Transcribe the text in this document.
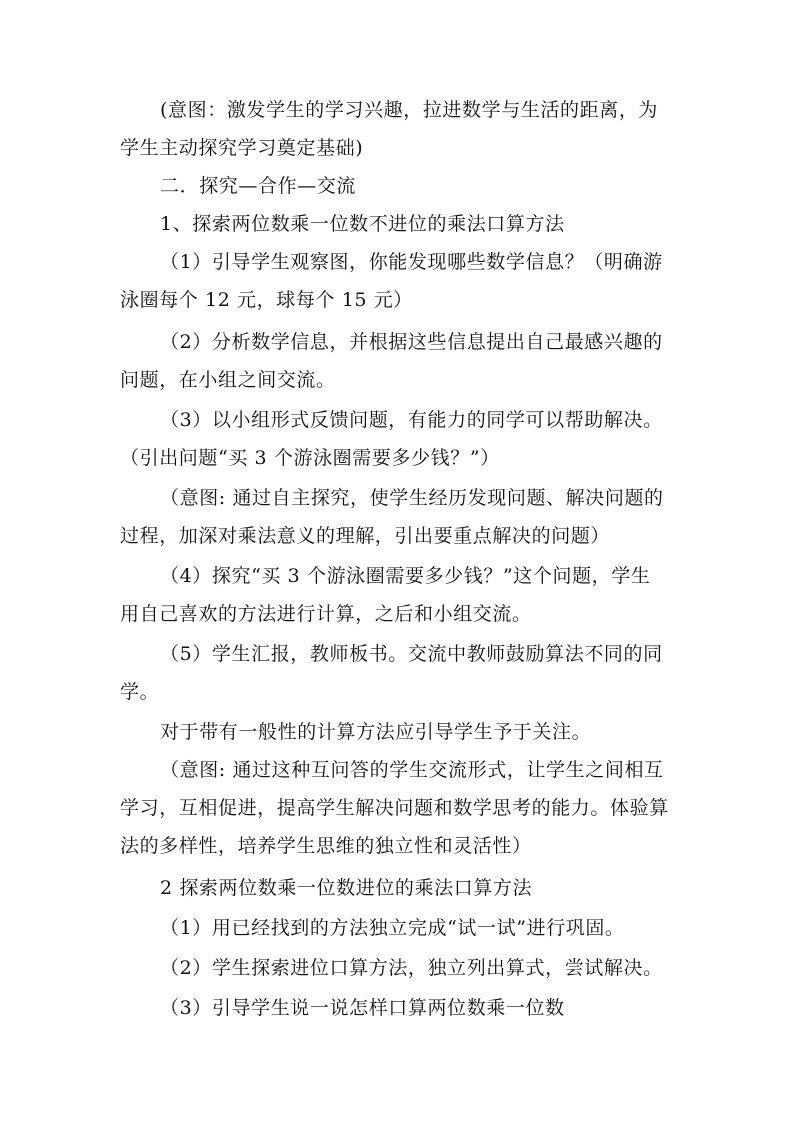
(意图：激发学生的学习兴趣，拉进数学与生活的距离，为
学生主动探究学习奠定基础)
二．探究—合作—交流
1、探索两位数乘一位数不进位的乘法口算方法
（1）引导学生观察图，你能发现哪些数学信息？（明确游
泳圈每个 12 元，球每个 15 元）
（2）分析数学信息，并根据这些信息提出自己最感兴趣的
问题，在小组之间交流。
（3）以小组形式反馈问题，有能力的同学可以帮助解决。
（引出问题“买 3 个游泳圈需要多少钱？”）
（意图: 通过自主探究，使学生经历发现问题、解决问题的
过程，加深对乘法意义的理解，引出要重点解决的问题）
（4）探究“买 3 个游泳圈需要多少钱？”这个问题，学生
用自己喜欢的方法进行计算，之后和小组交流。
（5）学生汇报，教师板书。交流中教师鼓励算法不同的同
学。
对于带有一般性的计算方法应引导学生予于关注。
（意图: 通过这种互问答的学生交流形式，让学生之间相互
学习，互相促进，提高学生解决问题和数学思考的能力。体验算
法的多样性，培养学生思维的独立性和灵活性）
2 探索两位数乘一位数进位的乘法口算方法
（1）用已经找到的方法独立完成“试一试”进行巩固。
（2）学生探索进位口算方法，独立列出算式，尝试解决。
（3）引导学生说一说怎样口算两位数乘一位数
